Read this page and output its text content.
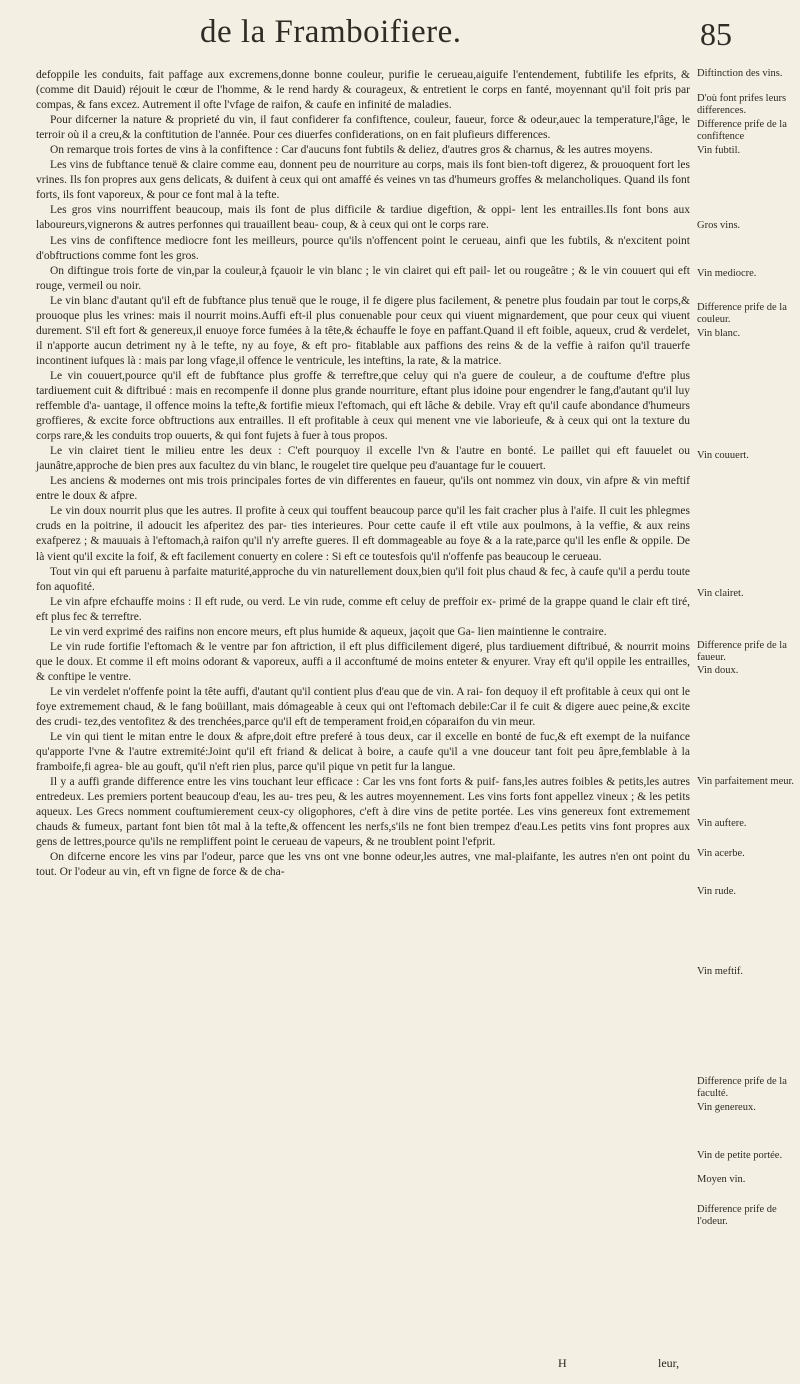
de la Framboifiere.	85

defoppile les conduits, fait paffage aux excremens,donne bonne couleur, purifie le cerueau,aiguife l'entendement, fubtilife les efprits, & (comme dit Dauid) réjouit le cœur de l'homme, & le rend hardy & courageux, & entretient le corps en fanté, moyennant qu'il foit pris par compas, & fans excez. Autrement il ofte l'vfage de raifon, & caufe en infinité de maladies.

Pour difcerner la nature & proprieté du vin, il faut confiderer fa confiftence, couleur, faueur, force & odeur,auec la temperature,l'âge, le terroir où il a creu,& la conftitution de l'année. Pour ces diuerfes confiderations, on en fait plufieurs differences.

On remarque trois fortes de vins à la confiftence : Car d'aucuns font fubtils & deliez, d'autres gros & charnus, & les autres moyens.

Les vins de fubftance tenuë & claire comme eau, donnent peu de nourriture au corps, mais ils font bien-toft digerez, & prouoquent fort les vrines. Ils fon propres aux gens delicats, & duifent à ceux qui ont amaffé és veines vn tas d'humeurs groffes & melancholiques. Quand ils font forts, ils font vaporeux, & pour ce font mal à la tefte.

Les gros vins nourriffent beaucoup, mais ils font de plus difficile & tardiue digeftion, & oppi- lent les entrailles.Ils font bons aux laboureurs,vignerons & autres perfonnes qui trauaillent beau- coup, & à ceux qui ont le corps rare.

Les vins de confiftence mediocre font les meilleurs, pource qu'ils n'offencent point le cerueau, ainfi que les fubtils, & n'excitent point d'obftructions comme font les gros.

On diftingue trois forte de vin,par la couleur,à fçauoir le vin blanc ; le vin clairet qui eft pail- let ou rougeâtre ; & le vin couuert qui eft rouge, vermeil ou noir.

Le vin blanc d'autant qu'il eft de fubftance plus tenuë que le rouge, il fe digere plus facilement, & penetre plus foudain par tout le corps,& prouoque plus les vrines: mais il nourrit moins.Auffi eft-il plus conuenable pour ceux qui viuent mignardement, que pour ceux qui viuent durement. S'il eft fort & genereux,il enuoye force fumées à la tête,& échauffe le foye en paffant.Quand il eft foible, aqueux, crud & verdelet, il n'apporte aucun detriment ny à le tefte, ny au foye, & eft pro- fitablable aux paffions des reins & de la veffie à raifon qu'il trauerfe incontinent iufques là : mais par long vfage,il offence le ventricule, les inteftins, la rate, & la matrice.

Le vin couuert,pource qu'il eft de fubftance plus groffe & terreftre,que celuy qui n'a guere de couleur, a de couftume d'eftre plus tardiuement cuit & diftribué : mais en recompenfe il donne plus grande nourriture, eftant plus idoine pour engendrer le fang,d'autant qu'il luy reffemble d'a- uantage, il offence moins la tefte,& fortifie mieux l'eftomach, qui eft lâche & debile. Vray eft qu'il caufe abondance d'humeurs groffieres, & excite force obftructions aux entrailles. Il eft profitable à ceux qui menent vne vie laborieufe, & à ceux qui ont la texture du corps rare,& les conduits trop ouuerts, & qui font fujets à fuer à tous propos.

Le vin clairet tient le milieu entre les deux : C'eft pourquoy il excelle l'vn & l'autre en bonté. Le paillet qui eft fauuelet ou jaunâtre,approche de bien pres aux facultez du vin blanc, le rougelet tire quelque peu d'auantage fur le couuert.

Les anciens & modernes ont mis trois principales fortes de vin differentes en faueur, qu'ils ont nommez vin doux, vin afpre & vin meftif entre le doux & afpre.

Le vin doux nourrit plus que les autres. Il profite à ceux qui touffent beaucoup parce qu'il les fait cracher plus à l'aife. Il cuit les phlegmes cruds en la poitrine, il adoucit les afperitez des par- ties interieures. Pour cette caufe il eft vtile aux poulmons, à la veffie, & aux reins exafperez ; & mauuais à l'eftomach,à raifon qu'il n'y arrefte gueres. Il eft dommageable au foye & a la rate,parce qu'il les enfle & oppile. De là vient qu'il excite la foif, & eft facilement conuerty en colere : Si eft ce toutesfois qu'il n'offenfe pas beaucoup le cerueau.

Tout vin qui eft paruenu à parfaite maturité,approche du vin naturellement doux,bien qu'il foit plus chaud & fec, à caufe qu'il a perdu toute fon aquofité.

Le vin afpre efchauffe moins : Il eft rude, ou verd. Le vin rude, comme eft celuy de preffoir ex- primé de la grappe quand le clair eft tiré, eft plus fec & terreftre.

Le vin verd exprimé des raifins non encore meurs, eft plus humide & aqueux, jaçoit que Ga- lien maintienne le contraire.

Le vin rude fortifie l'eftomach & le ventre par fon aftriction, il eft plus difficilement digeré, plus tardiuement diftribué, & nourrit moins que le doux. Et comme il eft moins odorant & vaporeux, auffi a il acconftumé de moins enteter & enyurer. Vray eft qu'il oppile les entrailles, & conftipe le ventre.

Le vin verdelet n'offenfe point la tête auffi, d'autant qu'il contient plus d'eau que de vin. A rai- fon dequoy il eft profitable à ceux qui ont le foye extremement chaud, & le fang boüillant, mais dómageable à ceux qui ont l'eftomach debile:Car il fe cuit & digere auec peine,& excite des crudi- tez,des ventofitez & des trenchées,parce qu'il eft de temperament froid,en cóparaifon du vin meur.

Le vin qui tient le mitan entre le doux & afpre,doit eftre preferé à tous deux, car il excelle en bonté de fuc,& eft exempt de la nuifance qu'apporte l'vne & l'autre extremité:Joint qu'il eft friand & delicat à boire, a caufe qu'il a vne douceur tant foit peu âpre,femblable à la framboife,fi agrea- ble au gouft, qu'il n'eft rien plus, parce qu'il pique vn petit fur la langue.

Il y a auffi grande difference entre les vins touchant leur efficace : Car les vns font forts & puif- fans,les autres foibles & petits,les autres entredeux. Les premiers portent beaucoup d'eau, les au- tres peu, & les autres moyennement. Les vins forts font appellez vineux ; & les petits aqueux. Les Grecs nomment couftumierement ceux-cy oligophores, c'eft à dire vins de petite portée. Les vins genereux font extremement chauds & fumeux, partant font bien tôt mal à la tefte,& offencent les nerfs,s'ils ne font bien trempez d'eau.Les petits vins font propres aux gens de lettres,pource qu'ils ne rempliffent point le cerueau de vapeurs, & ne troublent point l'efprit.

On difcerne encore les vins par l'odeur, parce que les vns ont vne bonne odeur,les autres, vne mal-plaifante, les autres n'en ont point du tout. Or l'odeur au vin, eft vn figne de force & de cha-

Diftinction des vins.
D'où font prifes leurs differences.
Difference prife de la confiftence
Vin fubtil.
Gros vins.
Vin mediocre.
Difference prife de la couleur.
Vin blanc.
Vin couuert.
Vin clairet.
Difference prife de la faueur.
Vin doux.
Vin parfaitement meur.
Vin auftere.
Vin acerbe.
Vin rude.
Vin meftif.
Difference prife de la faculté.
Vin genereux.
Vin de petite portée.
Moyen vin.
Difference prife de l'odeur.
H	leur,
